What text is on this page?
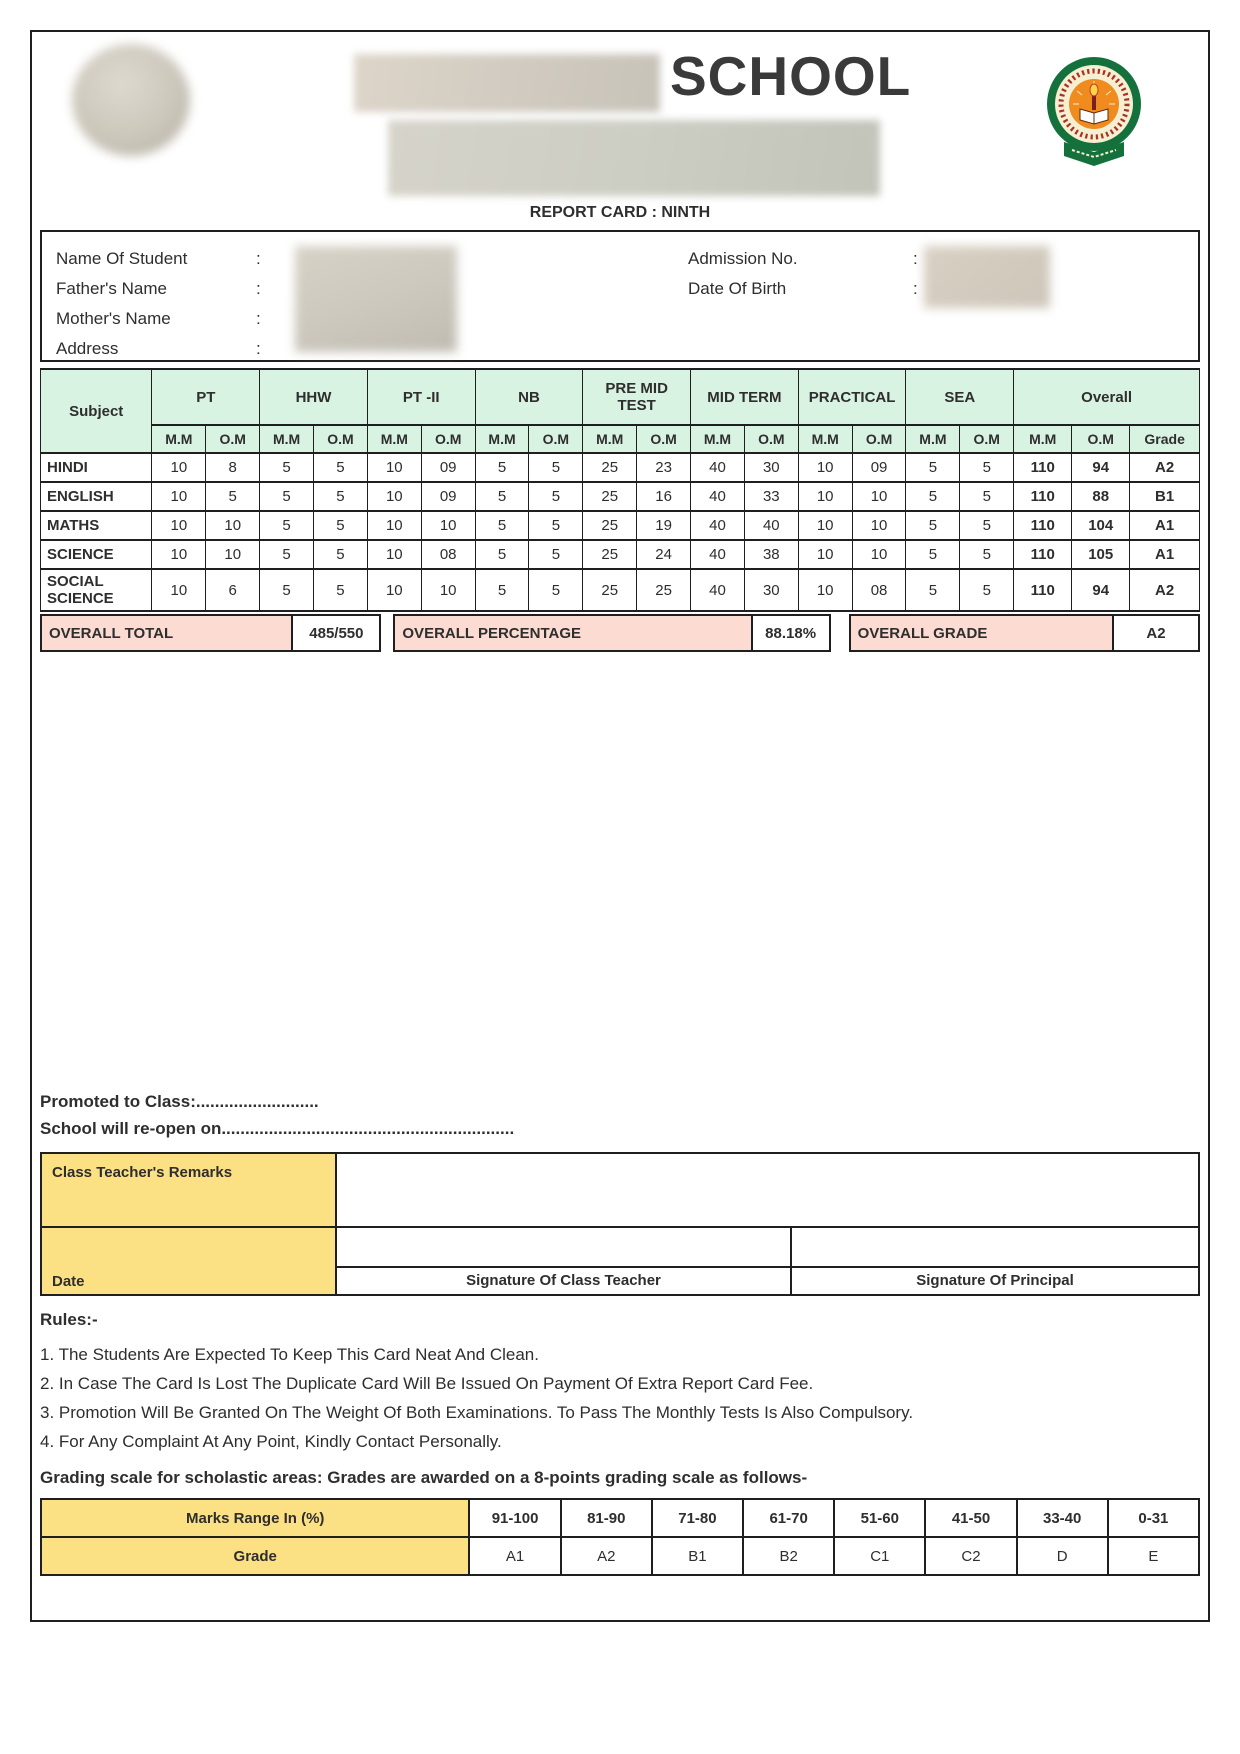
SCHOOL
REPORT CARD : NINTH
Name Of Student	:
Father's Name	:
Mother's Name	:
Address	:
Admission No.	:
Date Of Birth	:
Subject	PT		HHW		PT -II		NB		PRE MID TEST		MID TERM		PRACTICAL		SEA		Overall		
	M.M	O.M	M.M	O.M	M.M	O.M	M.M	O.M	M.M	O.M	M.M	O.M	M.M	O.M	M.M	O.M	M.M	O.M	Grade
HINDI	10	8	5	5	10	09	5	5	25	23	40	30	10	09	5	5	110	94	A2
ENGLISH	10	5	5	5	10	09	5	5	25	16	40	33	10	10	5	5	110	88	B1
MATHS	10	10	5	5	10	10	5	5	25	19	40	40	10	10	5	5	110	104	A1
SCIENCE	10	10	5	5	10	08	5	5	25	24	40	38	10	10	5	5	110	105	A1
SOCIAL SCIENCE	10	6	5	5	10	10	5	5	25	25	40	30	10	08	5	5	110	94	A2
OVERALL TOTAL	485/550	OVERALL PERCENTAGE	88.18%	OVERALL GRADE	A2
Promoted to Class:..........................
School will re-open on..............................................................
Class Teacher's Remarks
Date	Signature Of Class Teacher	Signature Of Principal
Rules:-
1. The Students Are Expected To Keep This Card Neat And Clean.
2. In Case The Card Is Lost The Duplicate Card Will Be Issued On Payment Of Extra Report Card Fee.
3. Promotion Will Be Granted On The Weight Of Both Examinations. To Pass The Monthly Tests Is Also Compulsory.
4. For Any Complaint At Any Point, Kindly Contact Personally.
Grading scale for scholastic areas: Grades are awarded on a 8-points grading scale as follows-
Marks Range In (%)	91-100	81-90	71-80	61-70	51-60	41-50	33-40	0-31
Grade	A1	A2	B1	B2	C1	C2	D	E
